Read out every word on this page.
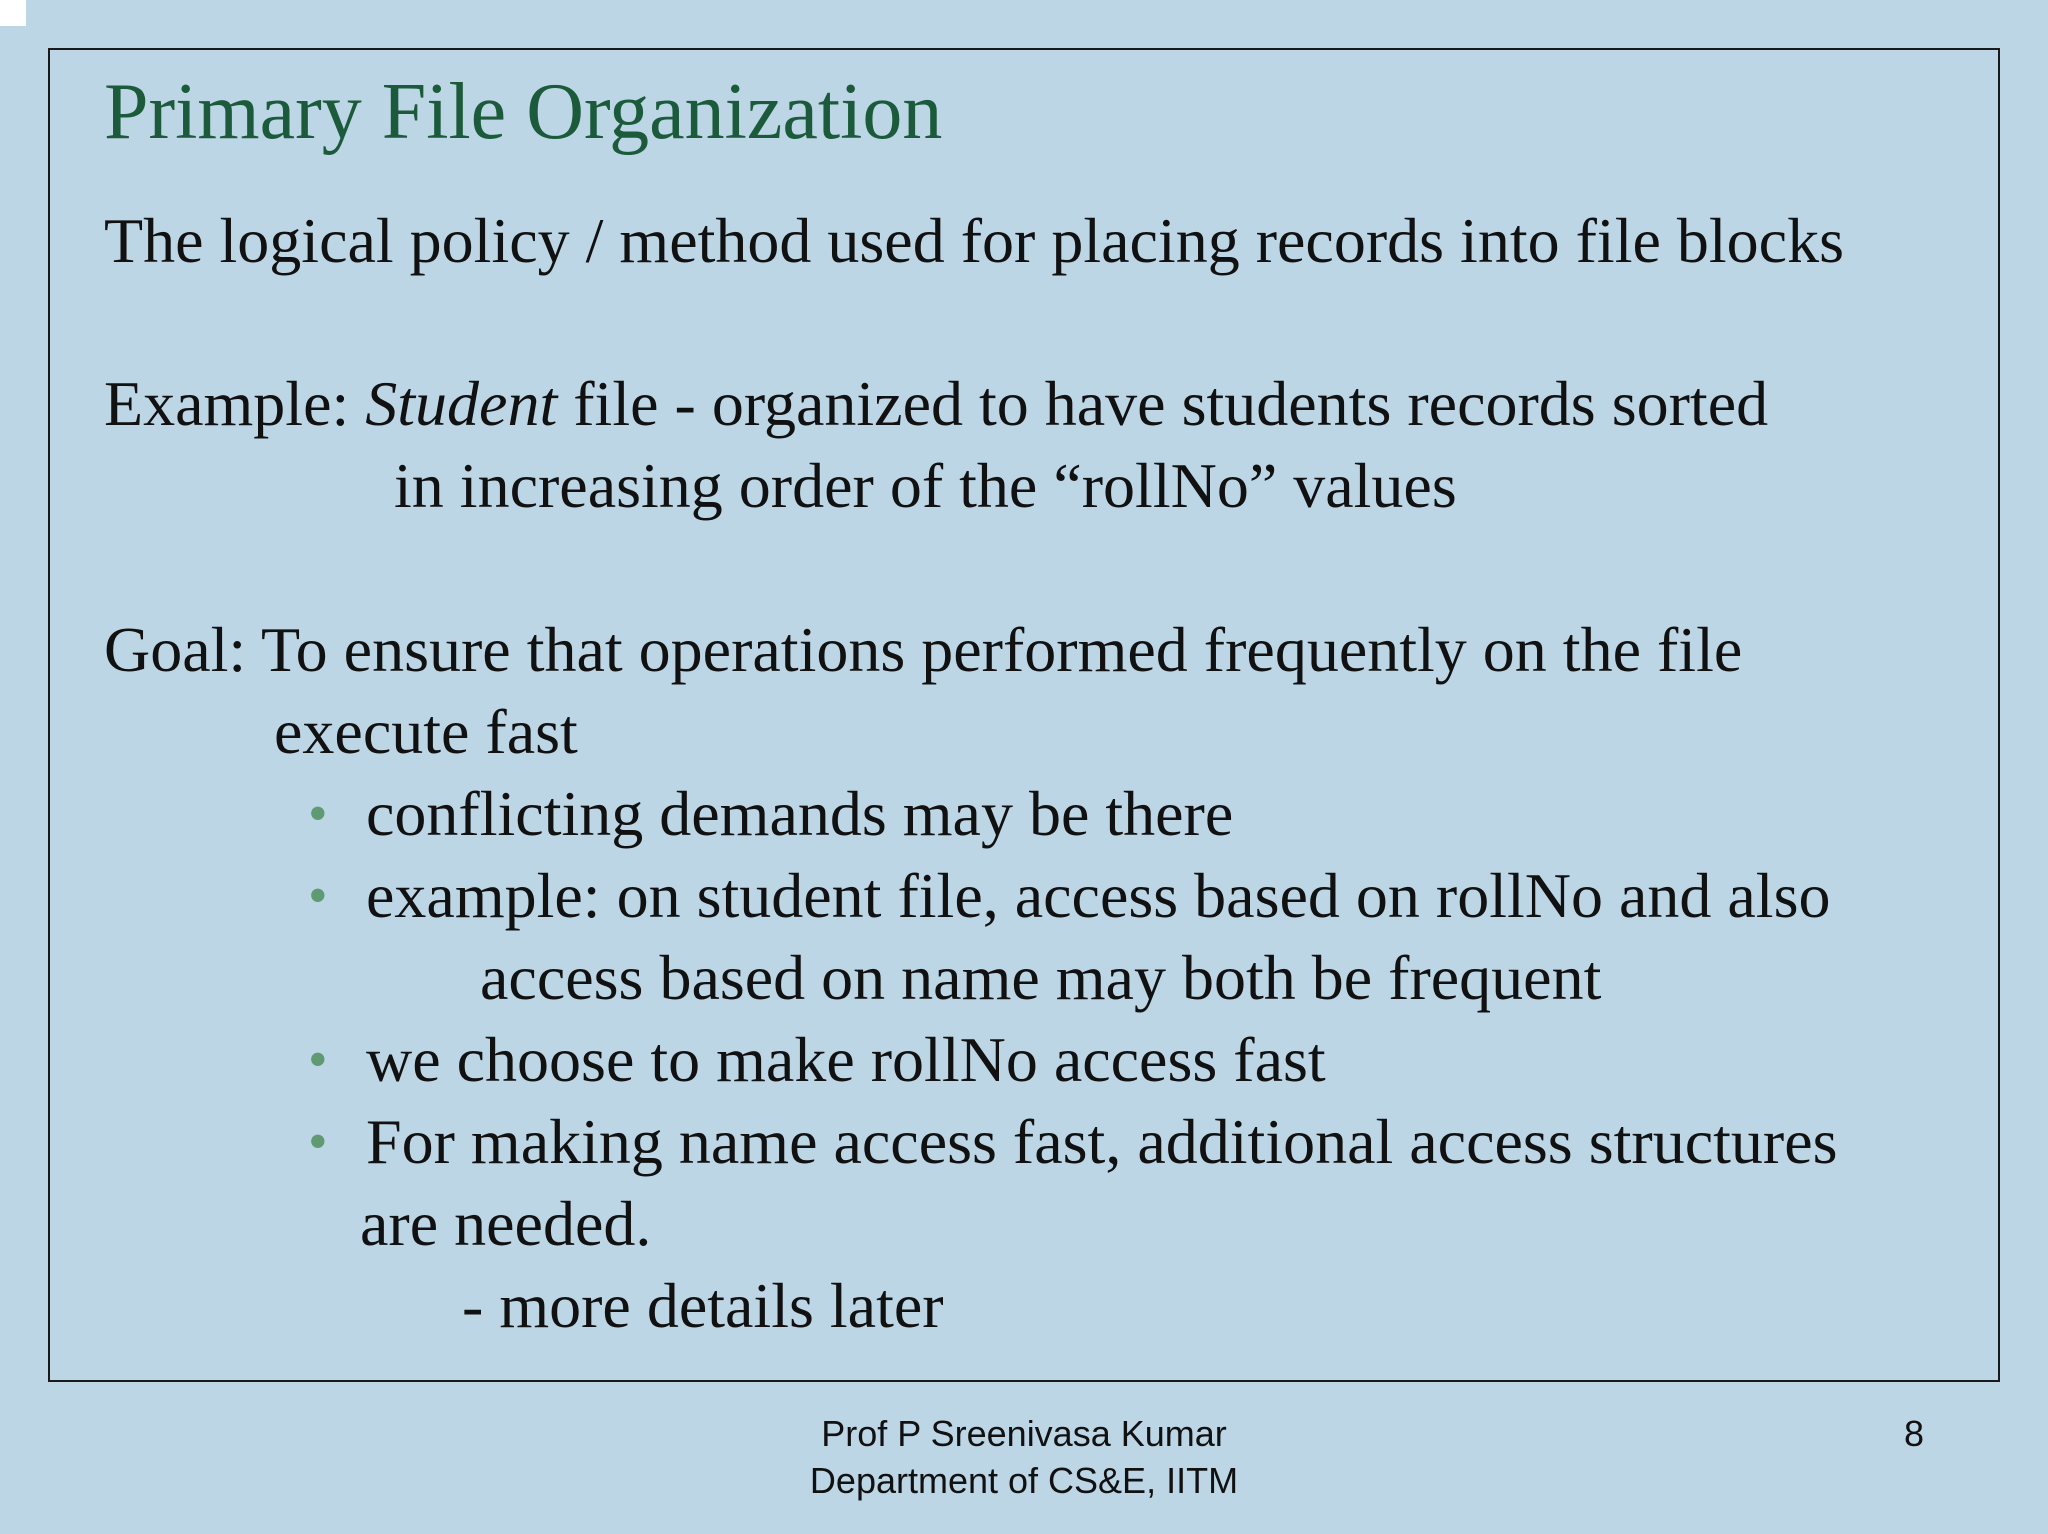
Primary File Organization
The logical policy / method used for placing records into file blocks
Example: Student file - organized to have students records sorted
in increasing order of the “rollNo” values
Goal: To ensure that operations performed frequently on the file
execute fast
• conflicting demands may be there
• example: on student file, access based on rollNo and also
access based on name may both be frequent
• we choose to make rollNo access fast
• For making name access fast, additional access structures
are needed.
- more details later
Prof P Sreenivasa Kumar
Department of CS&E, IITM
8
